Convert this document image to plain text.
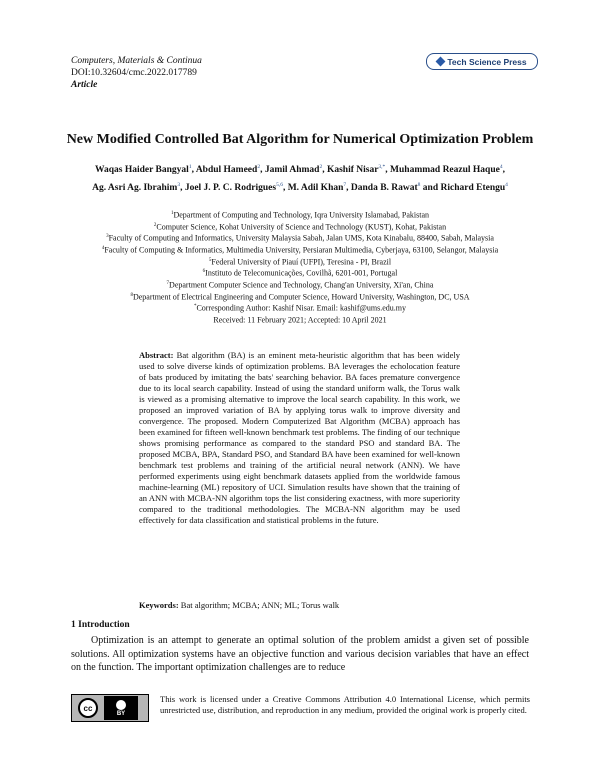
Computers, Materials & Continua
DOI:10.32604/cmc.2022.017789
Article
Tech Science Press
New Modified Controlled Bat Algorithm for Numerical Optimization Problem
Waqas Haider Bangyal$^1$, Abdul Hameed$^2$, Jamil Ahmad$^2$, Kashif Nisar$^{3,*}$, Muhammad Reazul Haque$^4$,
Ag. Asri Ag. Ibrahim$^3$, Joel J. P. C. Rodrigues$^{5,6}$, M. Adil Khan$^7$, Danda B. Rawat$^8$ and Richard Etengu$^4$
$^1$Department of Computing and Technology, Iqra University Islamabad, Pakistan
$^2$Computer Science, Kohat University of Science and Technology (KUST), Kohat, Pakistan
$^3$Faculty of Computing and Informatics, University Malaysia Sabah, Jalan UMS, Kota Kinabalu, 88400, Sabah, Malaysia
$^4$Faculty of Computing & Informatics, Multimedia University, Persiaran Multimedia, Cyberjaya, 63100, Selangor, Malaysia
$^5$Federal University of Piauí (UFPI), Teresina - PI, Brazil
$^6$Instituto de Telecomunicações, Covilhã, 6201-001, Portugal
$^7$Department Computer Science and Technology, Chang'an University, Xi'an, China
$^8$Department of Electrical Engineering and Computer Science, Howard University, Washington, DC, USA
*Corresponding Author: Kashif Nisar. Email: kashif@ums.edu.my
Received: 11 February 2021; Accepted: 10 April 2021
Abstract: Bat algorithm (BA) is an eminent meta-heuristic algorithm that has been widely used to solve diverse kinds of optimization problems. BA leverages the echolocation feature of bats produced by imitating the bats' searching behavior. BA faces premature convergence due to its local search capability. Instead of using the standard uniform walk, the Torus walk is viewed as a promising alternative to improve the local search capability. In this work, we proposed an improved variation of BA by applying torus walk to improve diversity and convergence. The proposed. Modern Computerized Bat Algorithm (MCBA) approach has been examined for fifteen well-known benchmark test problems. The finding of our technique shows promising performance as compared to the standard PSO and standard BA. The proposed MCBA, BPA, Standard PSO, and Standard BA have been examined for well-known benchmark test problems and training of the artificial neural network (ANN). We have performed experiments using eight benchmark datasets applied from the worldwide famous machine-learning (ML) repository of UCI. Simulation results have shown that the training of an ANN with MCBA-NN algorithm tops the list considering exactness, with more superiority compared to the traditional methodologies. The MCBA-NN algorithm may be used effectively for data classification and statistical problems in the future.
Keywords: Bat algorithm; MCBA; ANN; ML; Torus walk
1 Introduction
Optimization is an attempt to generate an optimal solution of the problem amidst a given set of possible solutions. All optimization systems have an objective function and various decision variables that have an effect on the function. The important optimization challenges are to reduce
cc
BY
This work is licensed under a Creative Commons Attribution 4.0 International License, which permits unrestricted use, distribution, and reproduction in any medium, provided the original work is properly cited.
